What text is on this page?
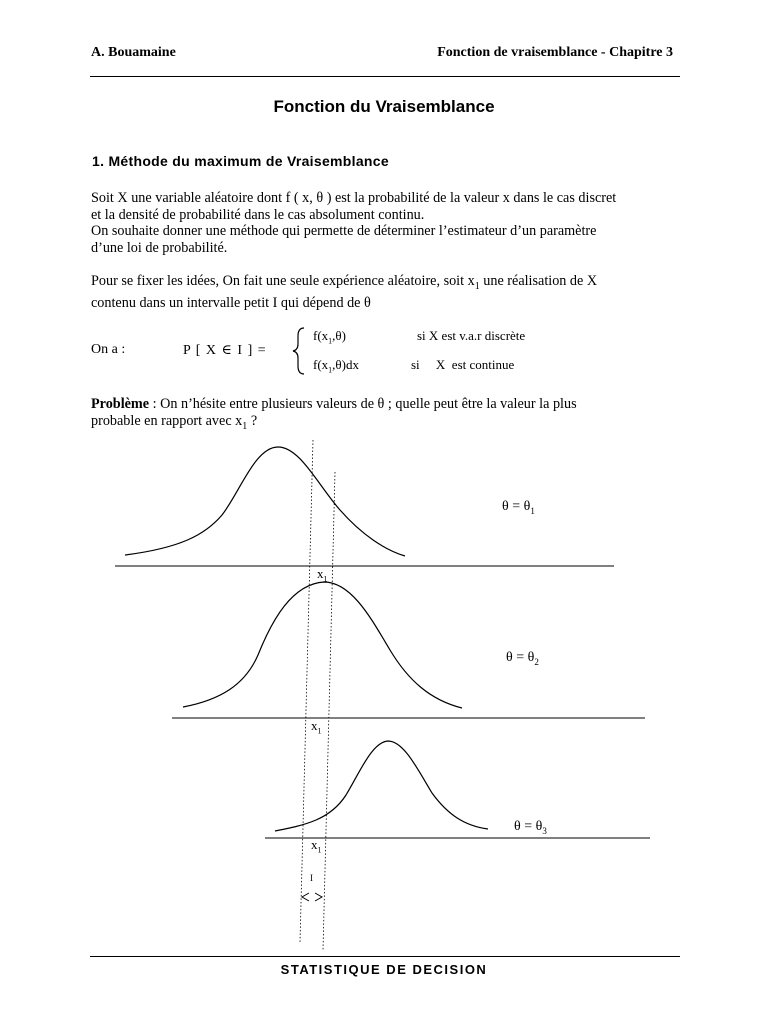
A. Bouamaine	Fonction de vraisemblance - Chapitre 3
Fonction du Vraisemblance
1. Méthode du maximum de Vraisemblance
Soit X une variable aléatoire dont f ( x, θ ) est la probabilité de la valeur x dans le cas discret
et la densité de probabilité dans le cas absolument continu.
On souhaite donner une méthode qui permette de déterminer l’estimateur d’un paramètre
d’une loi de probabilité.
Pour se fixer les idées, On fait une seule expérience aléatoire, soit $x_1$ une réalisation de X
contenu dans un intervalle petit I qui dépend de θ
On a :	P [ X ∈ I ] =
$f(x_1,\theta)$	si X est v.a.r discrète
$f(x_1,\theta)dx$	si     X  est continue
Problème : On n’hésite entre plusieurs valeurs de θ ; quelle peut être la valeur la plus
probable en rapport avec $x_1$ ?
$\theta = \theta_1$
$\theta = \theta_2$
$\theta = \theta_3$
$x_1$
$x_1$
$x_1$
I
STATISTIQUE DE DECISION
